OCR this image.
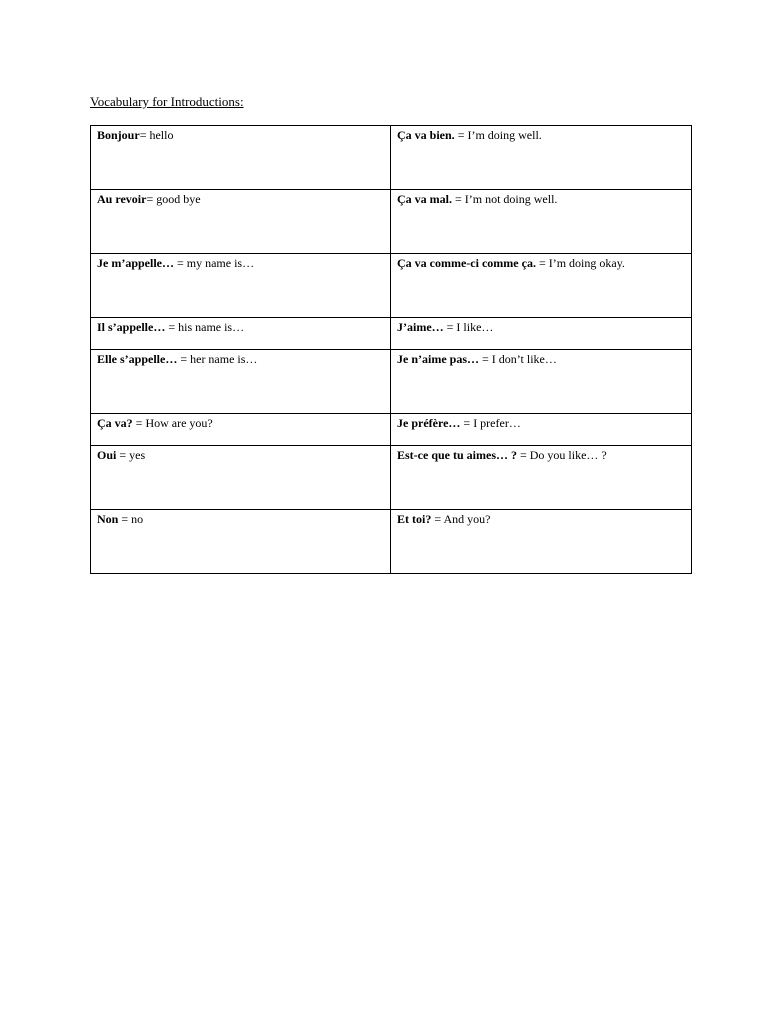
Vocabulary for Introductions:
Bonjour= hello	Ça va bien. = I’m doing well.
Au revoir= good bye	Ça va mal. = I’m not doing well.
Je m’appelle… = my name is…	Ça va comme-ci comme ça. = I’m doing okay.
Il s’appelle… = his name is…	J’aime… = I like…
Elle s’appelle… = her name is…	Je n’aime pas… = I don’t like…
Ça va? = How are you?	Je préfère… = I prefer…
Oui = yes	Est-ce que tu aimes… ? = Do you like… ?
Non = no	Et toi? = And you?
